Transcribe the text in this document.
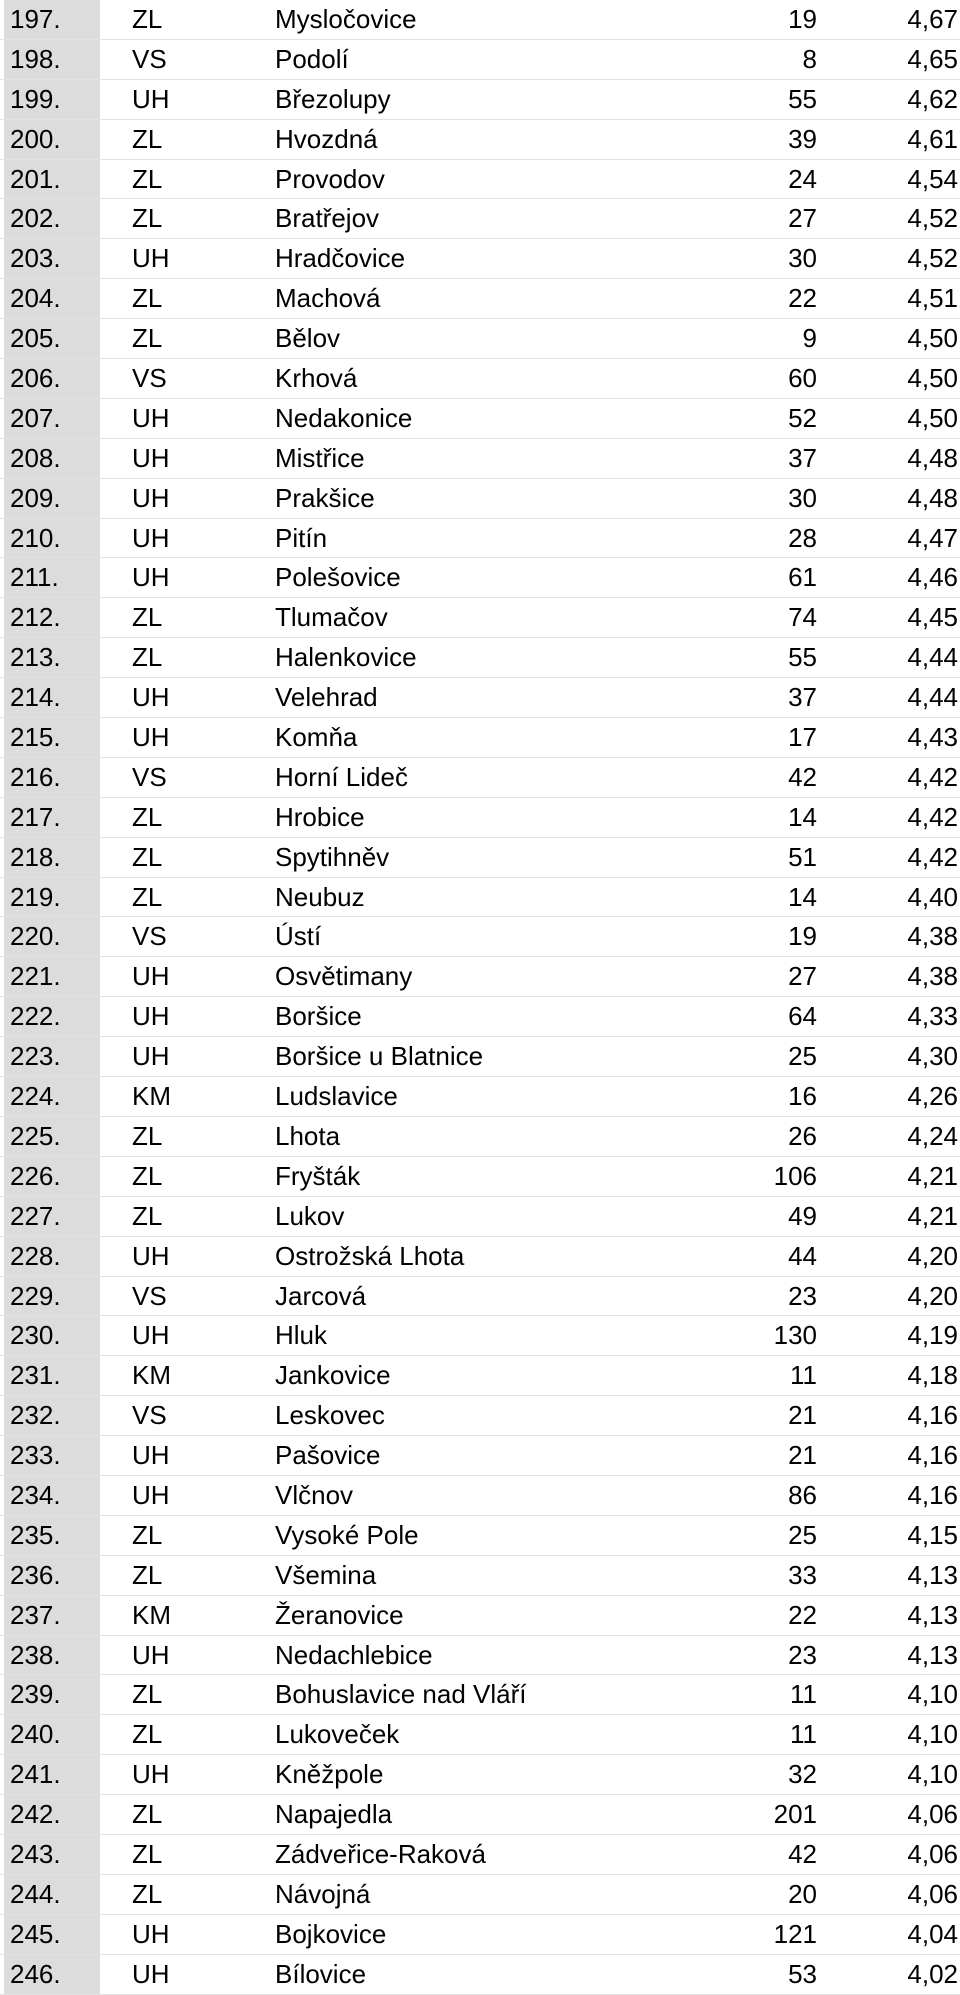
197.	ZL	Mysločovice	19	4,67
198.	VS	Podolí	8	4,65
199.	UH	Březolupy	55	4,62
200.	ZL	Hvozdná	39	4,61
201.	ZL	Provodov	24	4,54
202.	ZL	Bratřejov	27	4,52
203.	UH	Hradčovice	30	4,52
204.	ZL	Machová	22	4,51
205.	ZL	Bělov	9	4,50
206.	VS	Krhová	60	4,50
207.	UH	Nedakonice	52	4,50
208.	UH	Mistřice	37	4,48
209.	UH	Prakšice	30	4,48
210.	UH	Pitín	28	4,47
211.	UH	Polešovice	61	4,46
212.	ZL	Tlumačov	74	4,45
213.	ZL	Halenkovice	55	4,44
214.	UH	Velehrad	37	4,44
215.	UH	Komňa	17	4,43
216.	VS	Horní Lideč	42	4,42
217.	ZL	Hrobice	14	4,42
218.	ZL	Spytihněv	51	4,42
219.	ZL	Neubuz	14	4,40
220.	VS	Ústí	19	4,38
221.	UH	Osvětimany	27	4,38
222.	UH	Boršice	64	4,33
223.	UH	Boršice u Blatnice	25	4,30
224.	KM	Ludslavice	16	4,26
225.	ZL	Lhota	26	4,24
226.	ZL	Fryšták	106	4,21
227.	ZL	Lukov	49	4,21
228.	UH	Ostrožská Lhota	44	4,20
229.	VS	Jarcová	23	4,20
230.	UH	Hluk	130	4,19
231.	KM	Jankovice	11	4,18
232.	VS	Leskovec	21	4,16
233.	UH	Pašovice	21	4,16
234.	UH	Vlčnov	86	4,16
235.	ZL	Vysoké Pole	25	4,15
236.	ZL	Všemina	33	4,13
237.	KM	Žeranovice	22	4,13
238.	UH	Nedachlebice	23	4,13
239.	ZL	Bohuslavice nad Vláří	11	4,10
240.	ZL	Lukoveček	11	4,10
241.	UH	Kněžpole	32	4,10
242.	ZL	Napajedla	201	4,06
243.	ZL	Zádveřice-Raková	42	4,06
244.	ZL	Návojná	20	4,06
245.	UH	Bojkovice	121	4,04
246.	UH	Bílovice	53	4,02
